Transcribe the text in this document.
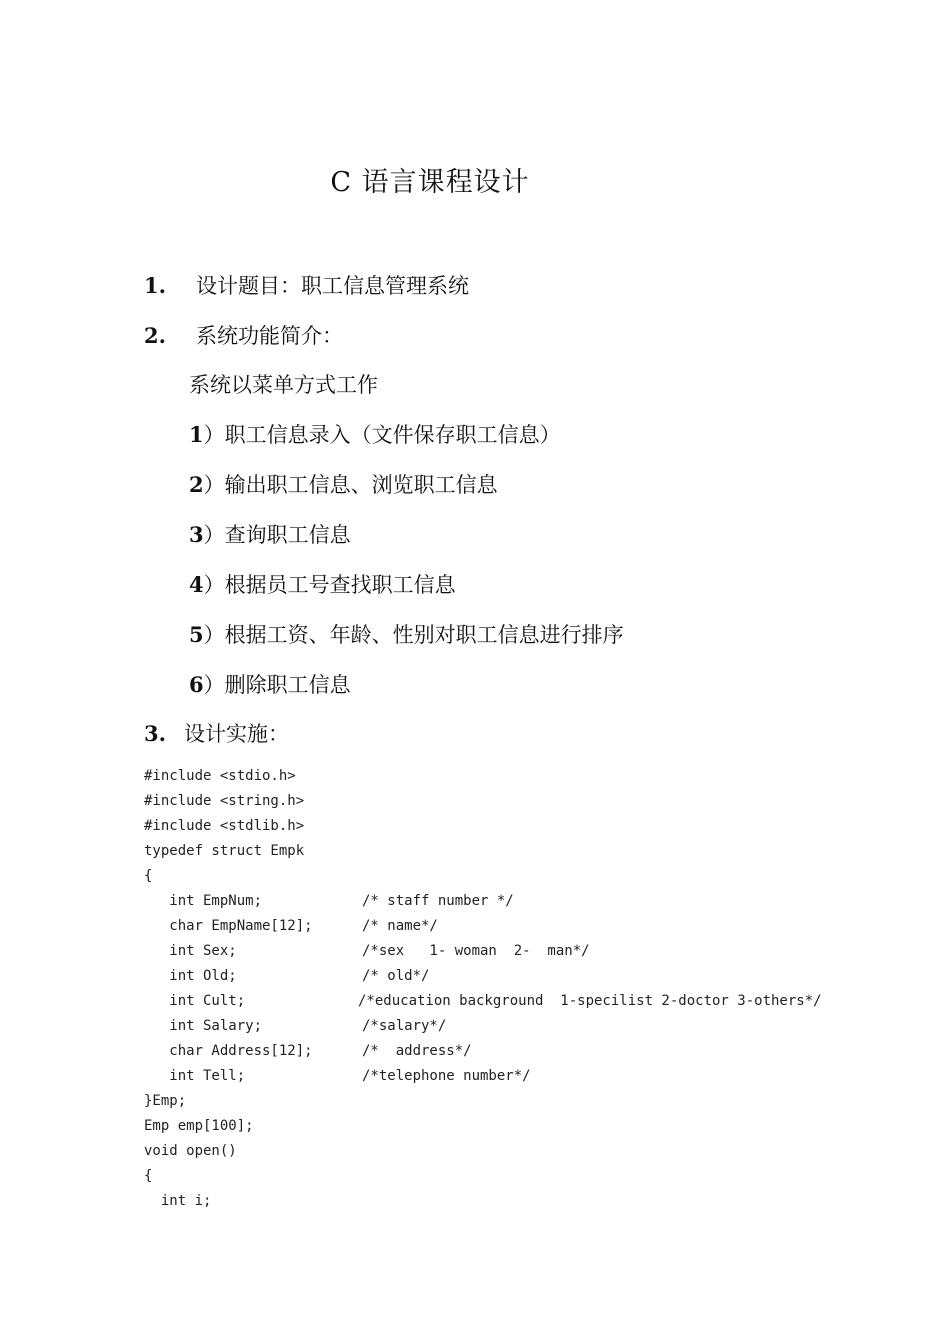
C 语言课程设计
1. 设计题目：职工信息管理系统
2. 系统功能简介：
系统以菜单方式工作
1）职工信息录入（文件保存职工信息）
2）输出职工信息、浏览职工信息
3）查询职工信息
4）根据员工号查找职工信息
5）根据工资、年龄、性别对职工信息进行排序
6）删除职工信息
3. 设计实施：
#include <stdio.h>
#include <string.h>
#include <stdlib.h>
typedef struct Empk
{
int EmpNum;	/* staff number */
char EmpName[12];	/* name*/
int Sex;	/*sex   1- woman  2-  man*/
int Old;	/* old*/
int Cult;	/*education background  1-specilist 2-doctor 3-others*/
int Salary;	/*salary*/
char Address[12];	/*  address*/
int Tell;	/*telephone number*/
}Emp;
Emp emp[100];
void open()
{
int i;
